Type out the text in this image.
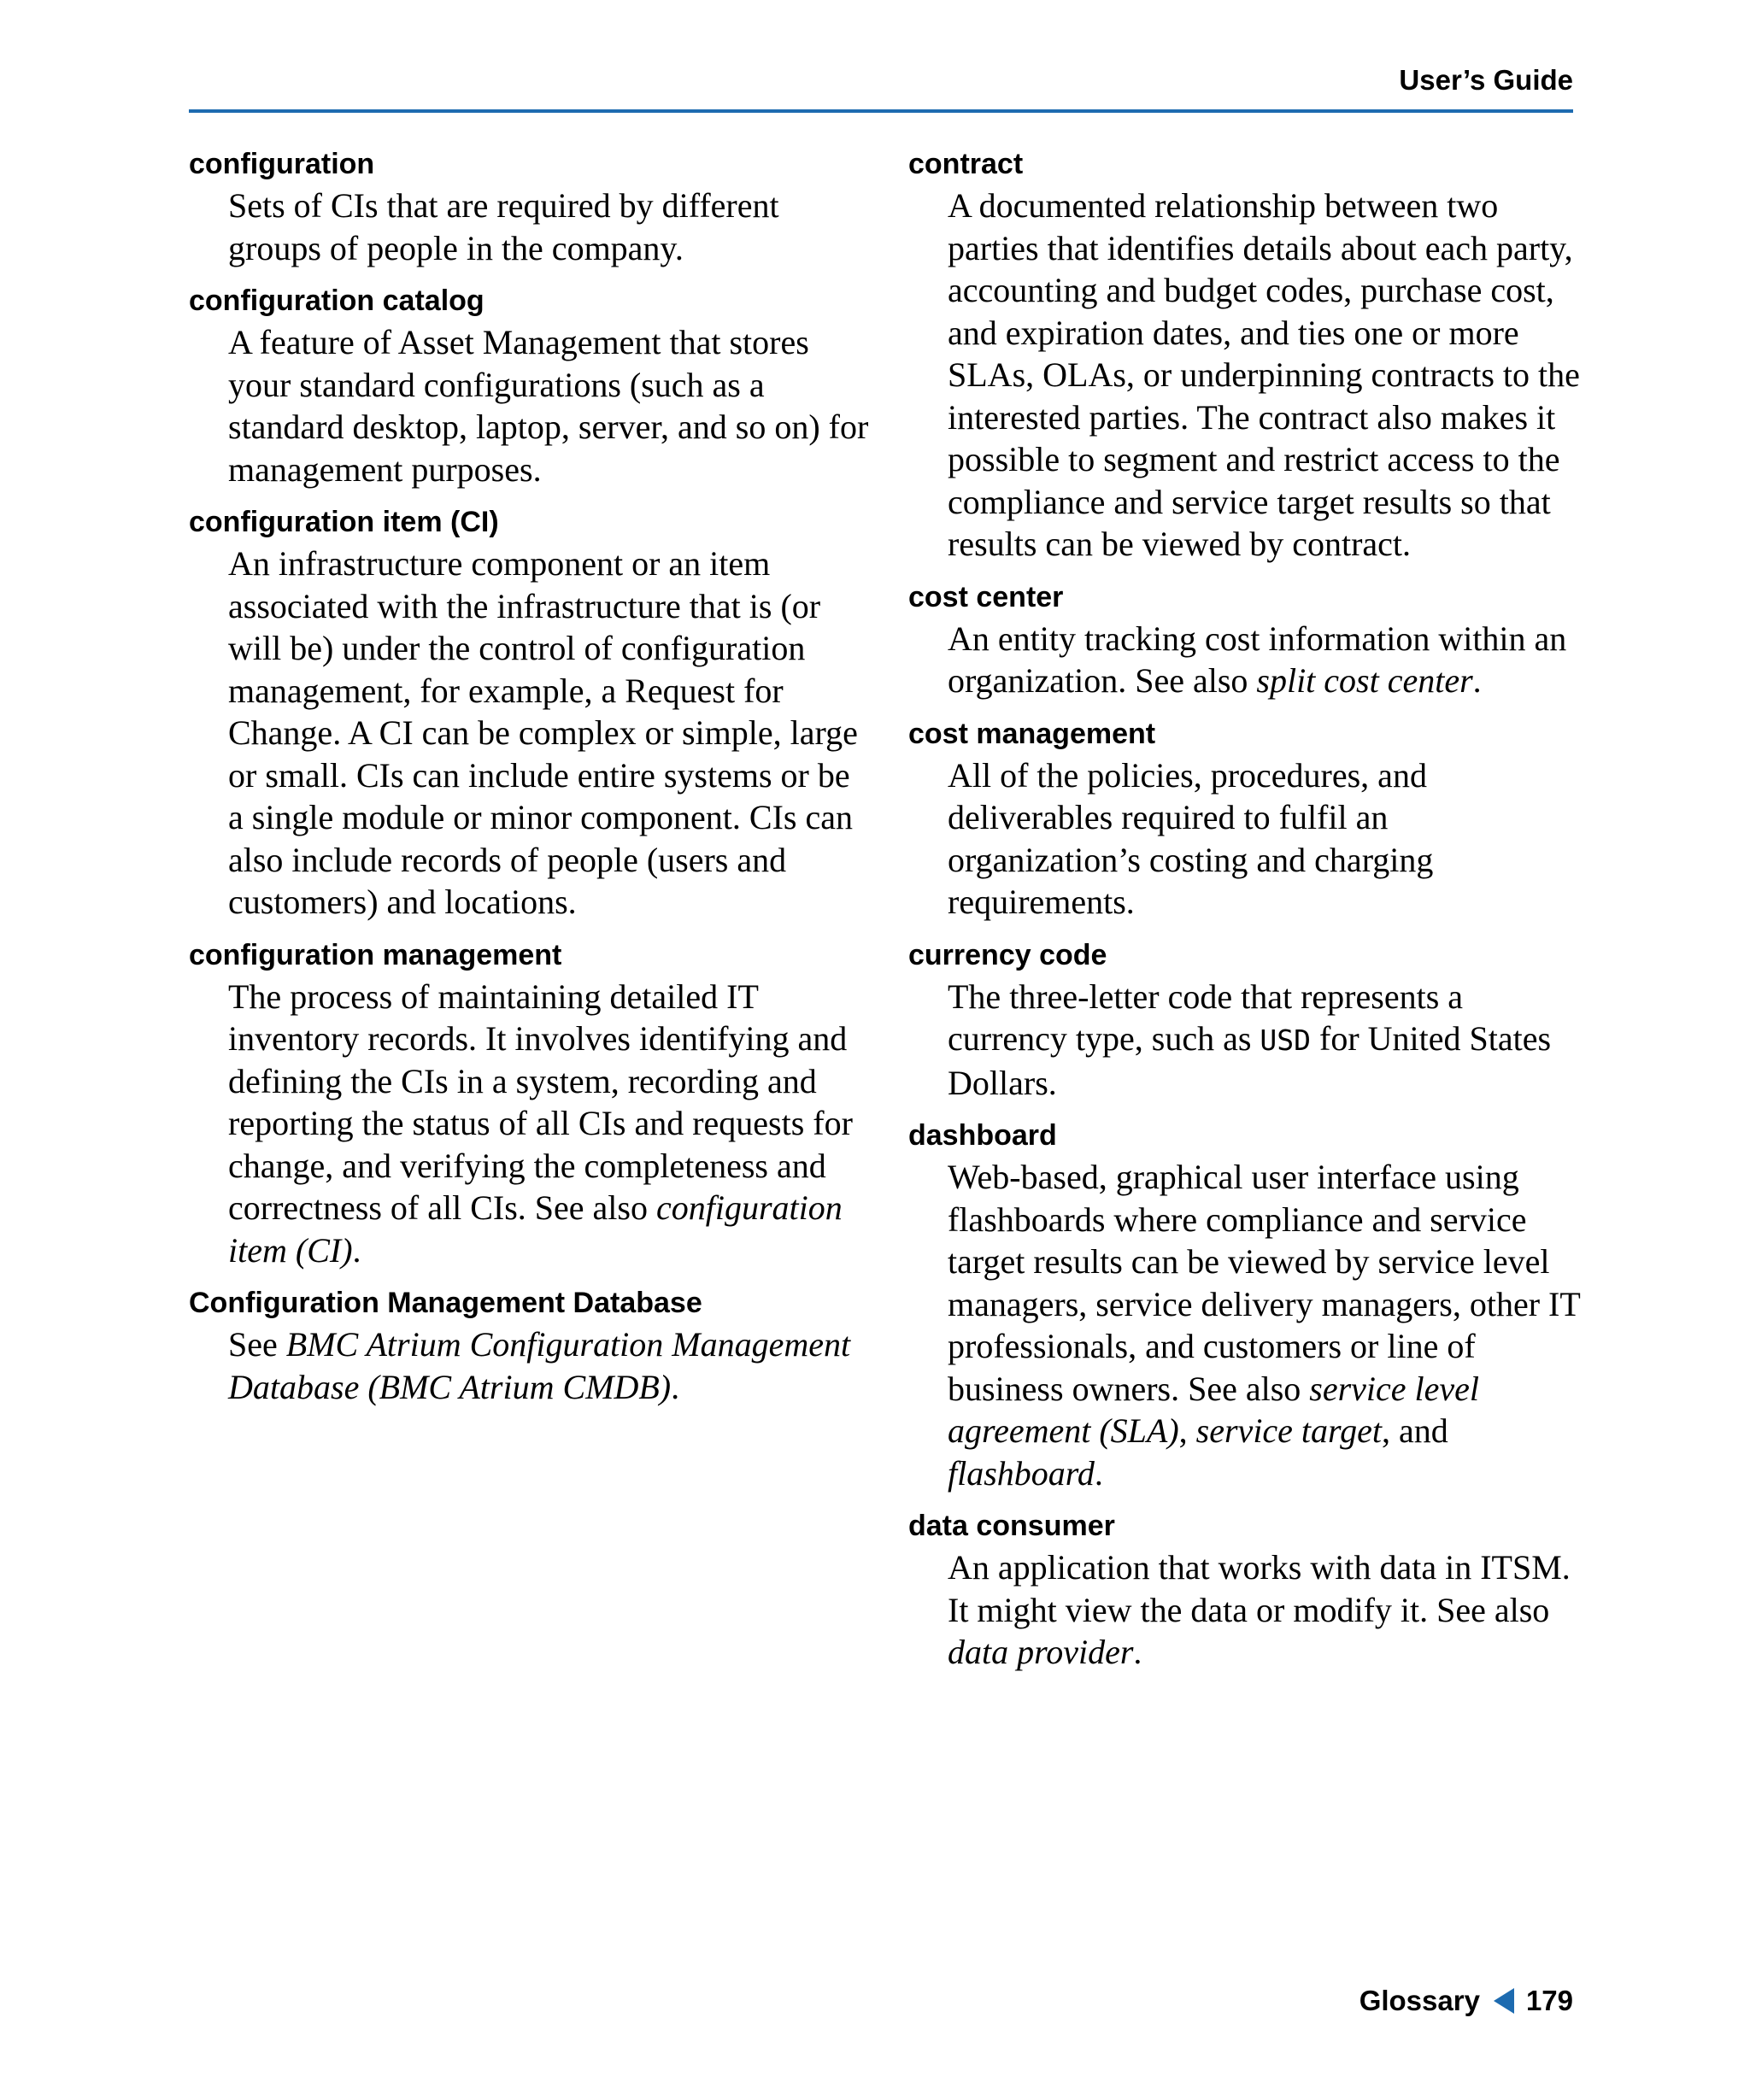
User’s Guide
configuration
Sets of CIs that are required by different groups of people in the company.
configuration catalog
A feature of Asset Management that stores your standard configurations (such as a standard desktop, laptop, server, and so on) for management purposes.
configuration item (CI)
An infrastructure component or an item associated with the infrastructure that is (or will be) under the control of configuration management, for example, a Request for Change. A CI can be complex or simple, large or small. CIs can include entire systems or be a single module or minor component. CIs can also include records of people (users and customers) and locations.
configuration management
The process of maintaining detailed IT inventory records. It involves identifying and defining the CIs in a system, recording and reporting the status of all CIs and requests for change, and verifying the completeness and correctness of all CIs. See also configuration item (CI).
Configuration Management Database
See BMC Atrium Configuration Management Database (BMC Atrium CMDB).
contract
A documented relationship between two parties that identifies details about each party, accounting and budget codes, purchase cost, and expiration dates, and ties one or more SLAs, OLAs, or underpinning contracts to the interested parties. The contract also makes it possible to segment and restrict access to the compliance and service target results so that results can be viewed by contract.
cost center
An entity tracking cost information within an organization. See also split cost center.
cost management
All of the policies, procedures, and deliverables required to fulfil an organization’s costing and charging requirements.
currency code
The three-letter code that represents a currency type, such as USD for United States Dollars.
dashboard
Web-based, graphical user interface using flashboards where compliance and service target results can be viewed by service level managers, service delivery managers, other IT professionals, and customers or line of business owners. See also service level agreement (SLA), service target, and flashboard.
data consumer
An application that works with data in ITSM. It might view the data or modify it. See also data provider.
Glossary 179
